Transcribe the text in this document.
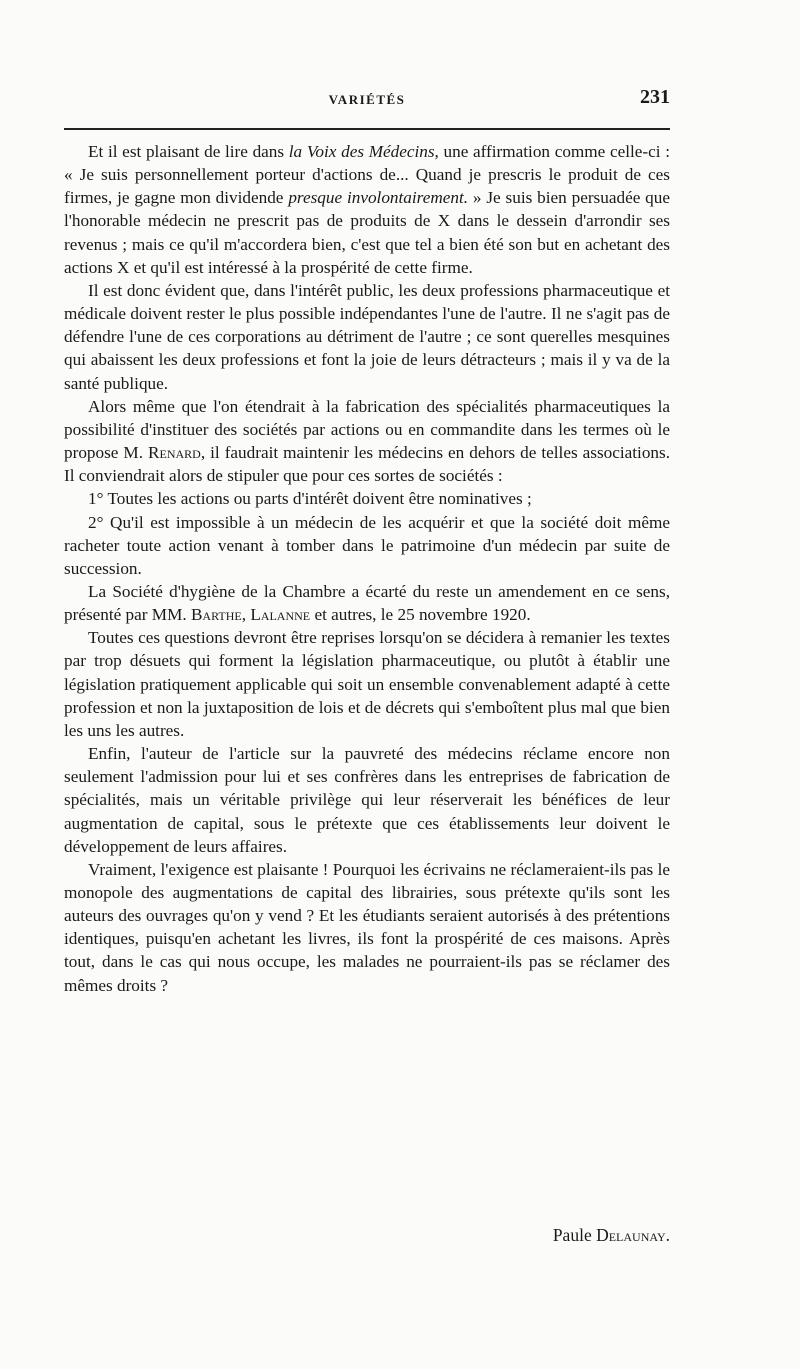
VARIÉTÉS	231

Et il est plaisant de lire dans la Voix des Médecins, une affirmation comme celle-ci : « Je suis personnellement porteur d'actions de... Quand je prescris le produit de ces firmes, je gagne mon dividende presque involontairement. » Je suis bien persuadée que l'honorable médecin ne prescrit pas de produits de X dans le dessein d'arrondir ses revenus ; mais ce qu'il m'accordera bien, c'est que tel a bien été son but en achetant des actions X et qu'il est intéressé à la prospérité de cette firme.

Il est donc évident que, dans l'intérêt public, les deux professions pharmaceutique et médicale doivent rester le plus possible indépendantes l'une de l'autre. Il ne s'agit pas de défendre l'une de ces corporations au détriment de l'autre ; ce sont querelles mesquines qui abaissent les deux professions et font la joie de leurs détracteurs ; mais il y va de la santé publique.

Alors même que l'on étendrait à la fabrication des spécialités pharmaceutiques la possibilité d'instituer des sociétés par actions ou en commandite dans les termes où le propose M. Renard, il faudrait maintenir les médecins en dehors de telles associations. Il conviendrait alors de stipuler que pour ces sortes de sociétés :

1° Toutes les actions ou parts d'intérêt doivent être nominatives ;

2° Qu'il est impossible à un médecin de les acquérir et que la société doit même racheter toute action venant à tomber dans le patrimoine d'un médecin par suite de succession.

La Société d'hygiène de la Chambre a écarté du reste un amendement en ce sens, présenté par MM. Barthe, Lalanne et autres, le 25 novembre 1920.

Toutes ces questions devront être reprises lorsqu'on se décidera à remanier les textes par trop désuets qui forment la législation pharmaceutique, ou plutôt à établir une législation pratiquement applicable qui soit un ensemble convenablement adapté à cette profession et non la juxtaposition de lois et de décrets qui s'emboîtent plus mal que bien les uns les autres.

Enfin, l'auteur de l'article sur la pauvreté des médecins réclame encore non seulement l'admission pour lui et ses confrères dans les entreprises de fabrication de spécialités, mais un véritable privilège qui leur réserverait les bénéfices de leur augmentation de capital, sous le prétexte que ces établissements leur doivent le développement de leurs affaires.

Vraiment, l'exigence est plaisante ! Pourquoi les écrivains ne réclameraient-ils pas le monopole des augmentations de capital des librairies, sous prétexte qu'ils sont les auteurs des ouvrages qu'on y vend ? Et les étudiants seraient autorisés à des prétentions identiques, puisqu'en achetant les livres, ils font la prospérité de ces maisons. Après tout, dans le cas qui nous occupe, les malades ne pourraient-ils pas se réclamer des mêmes droits ?

Paule Delaunay.
